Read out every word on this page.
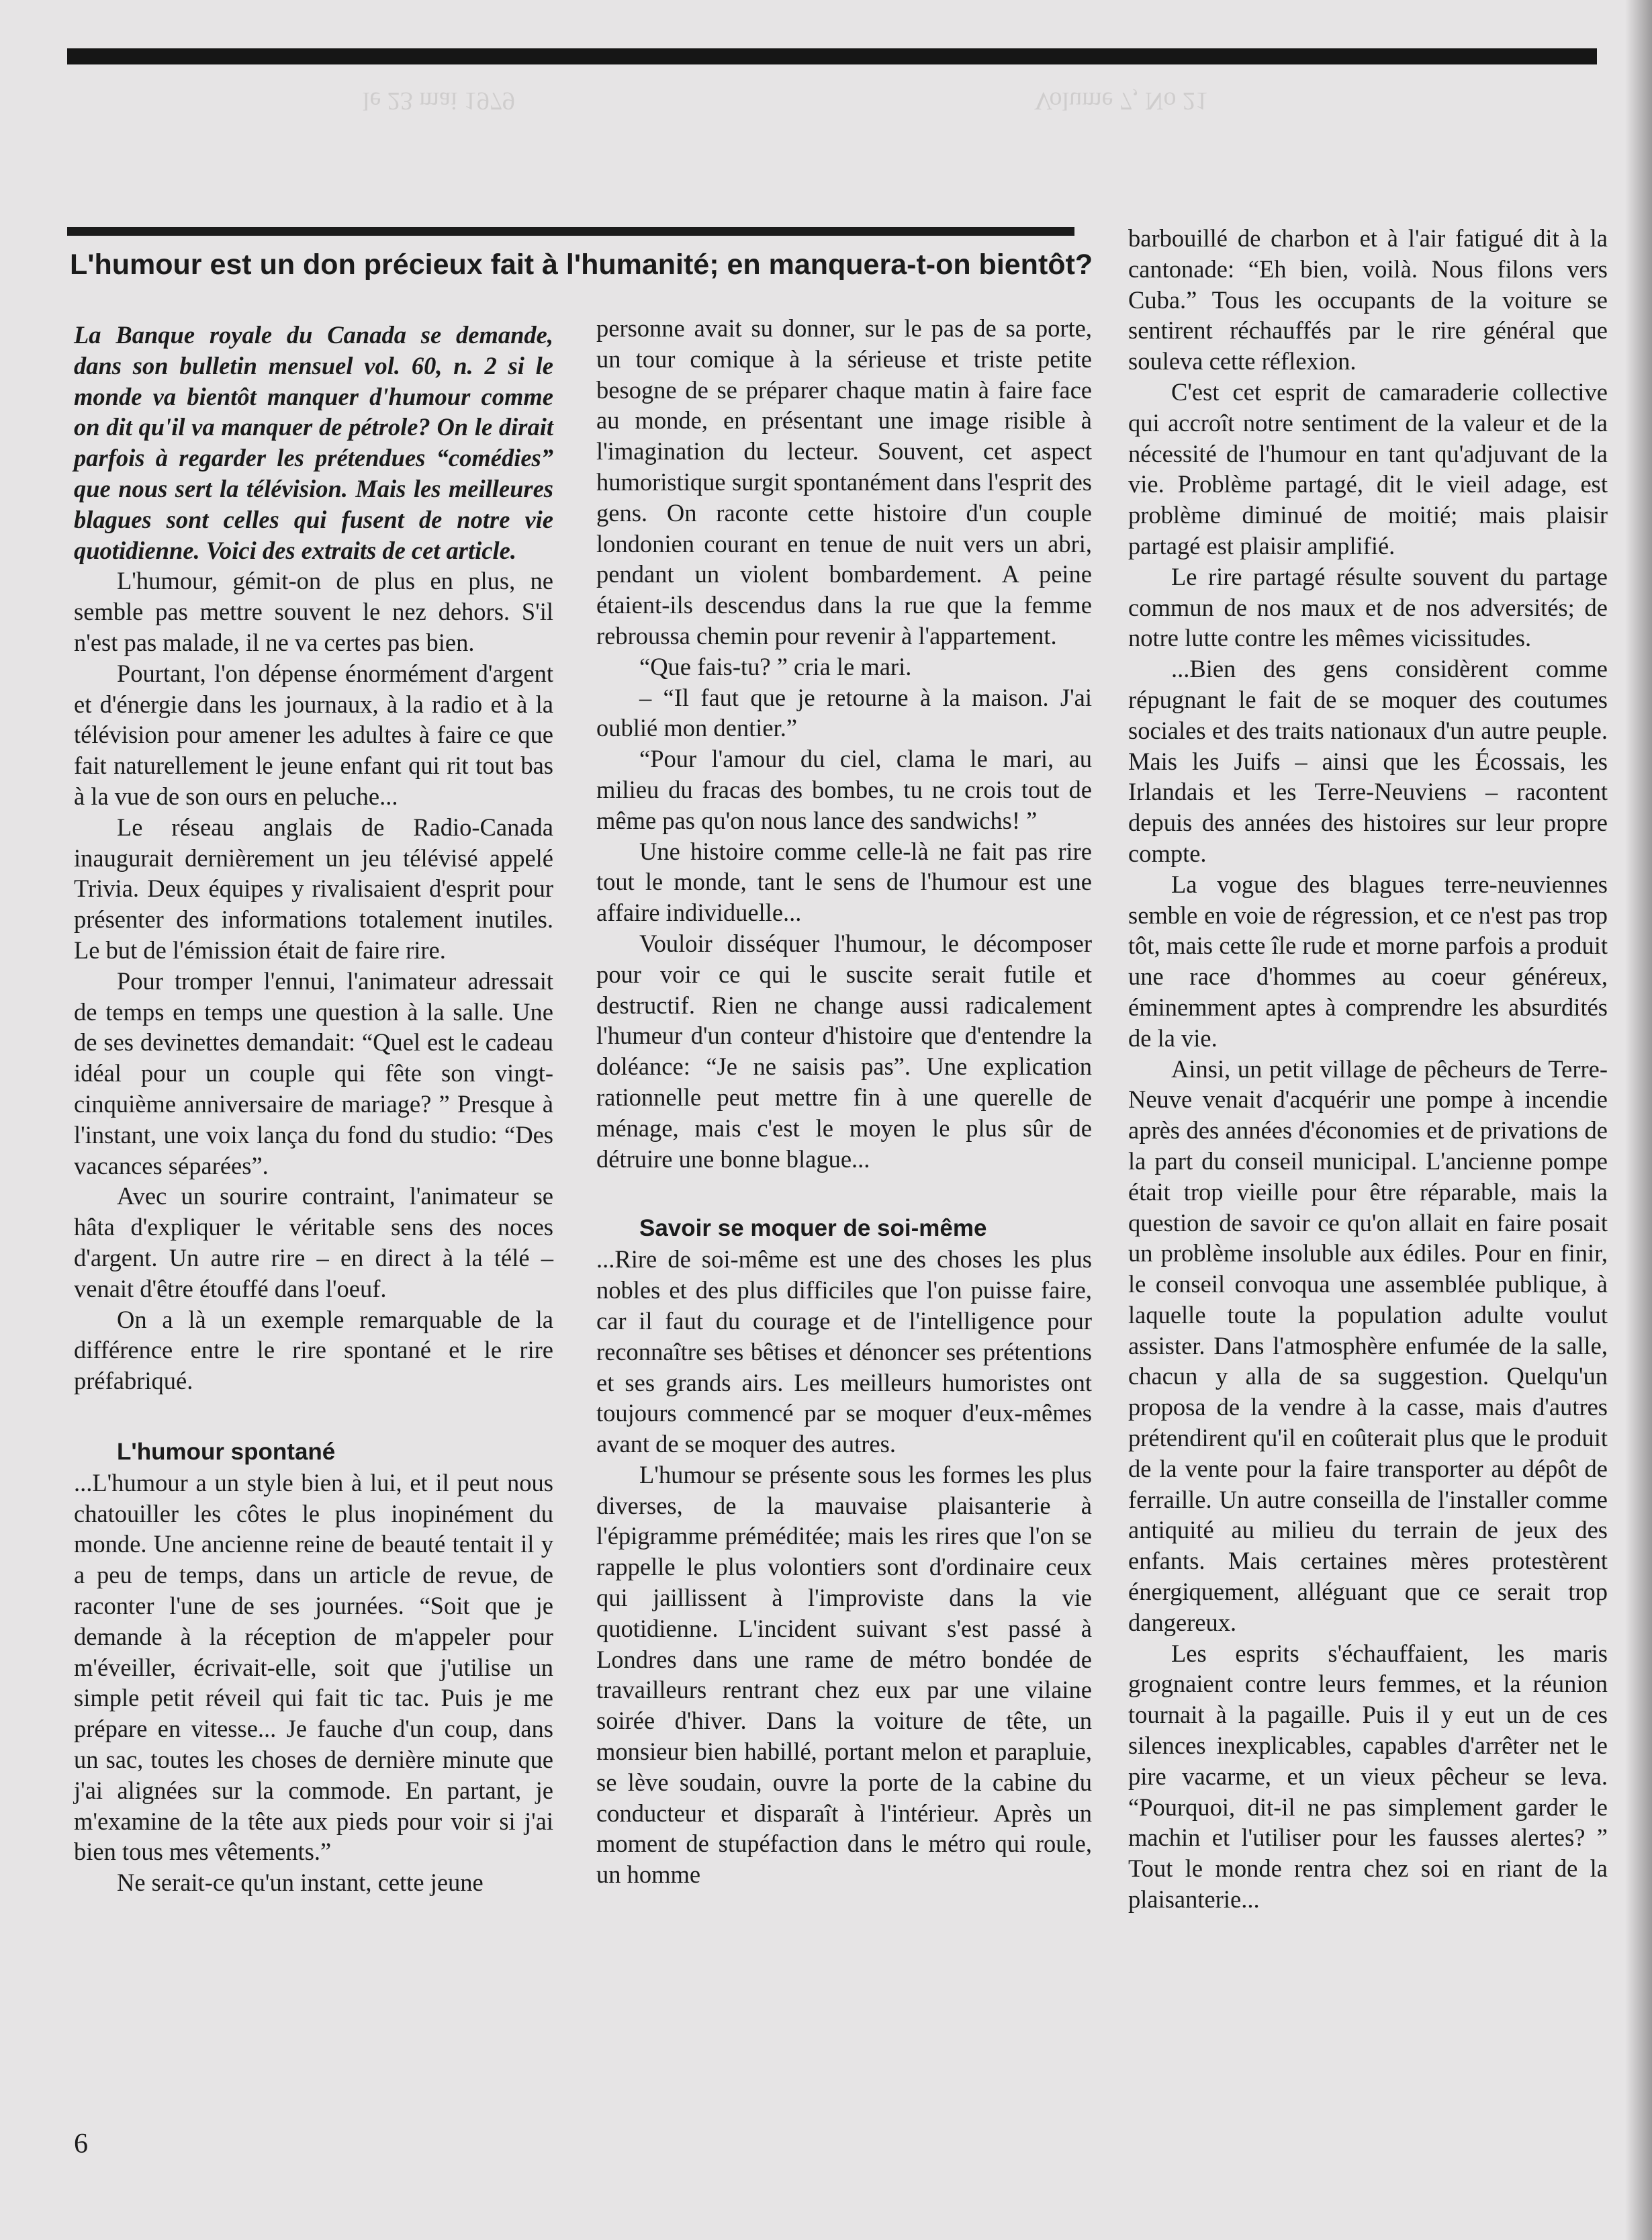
Volume 7, No 21
le 23 mai 1979
L'humour est un don précieux fait à l'humanité; en manquera-t-on bientôt?

La Banque royale du Canada se demande, dans son bulletin mensuel vol. 60, n. 2 si le monde va bientôt manquer d'humour comme on dit qu'il va manquer de pétrole? On le dirait parfois à regarder les prétendues “comédies” que nous sert la télévision. Mais les meilleures blagues sont celles qui fusent de notre vie quotidienne. Voici des extraits de cet article.

L'humour, gémit-on de plus en plus, ne semble pas mettre souvent le nez dehors. S'il n'est pas malade, il ne va certes pas bien.

Pourtant, l'on dépense énormément d'argent et d'énergie dans les journaux, à la radio et à la télévision pour amener les adultes à faire ce que fait naturellement le jeune enfant qui rit tout bas à la vue de son ours en peluche...

Le réseau anglais de Radio-Canada inaugurait dernièrement un jeu télévisé appelé Trivia. Deux équipes y rivalisaient d'esprit pour présenter des informations totalement inutiles. Le but de l'émission était de faire rire.

Pour tromper l'ennui, l'animateur adressait de temps en temps une question à la salle. Une de ses devinettes demandait: “Quel est le cadeau idéal pour un couple qui fête son vingt-cinquième anniversaire de mariage? ” Presque à l'instant, une voix lança du fond du studio: “Des vacances séparées”.

Avec un sourire contraint, l'animateur se hâta d'expliquer le véritable sens des noces d'argent. Un autre rire – en direct à la télé – venait d'être étouffé dans l'oeuf.

On a là un exemple remarquable de la différence entre le rire spontané et le rire préfabriqué.

L'humour spontané

...L'humour a un style bien à lui, et il peut nous chatouiller les côtes le plus inopinément du monde. Une ancienne reine de beauté tentait il y a peu de temps, dans un article de revue, de raconter l'une de ses journées. “Soit que je demande à la réception de m'appeler pour m'éveiller, écrivait-elle, soit que j'utilise un simple petit réveil qui fait tic tac. Puis je me prépare en vitesse... Je fauche d'un coup, dans un sac, toutes les choses de dernière minute que j'ai alignées sur la commode. En partant, je m'examine de la tête aux pieds pour voir si j'ai bien tous mes vêtements.”

Ne serait-ce qu'un instant, cette jeune

personne avait su donner, sur le pas de sa porte, un tour comique à la sérieuse et triste petite besogne de se préparer chaque matin à faire face au monde, en présentant une image risible à l'imagination du lecteur. Souvent, cet aspect humoristique surgit spontanément dans l'esprit des gens. On raconte cette histoire d'un couple londonien courant en tenue de nuit vers un abri, pendant un violent bombardement. A peine étaient-ils descendus dans la rue que la femme rebroussa chemin pour revenir à l'appartement.

“Que fais-tu? ” cria le mari.

– “Il faut que je retourne à la maison. J'ai oublié mon dentier.”

“Pour l'amour du ciel, clama le mari, au milieu du fracas des bombes, tu ne crois tout de même pas qu'on nous lance des sandwichs! ”

Une histoire comme celle-là ne fait pas rire tout le monde, tant le sens de l'humour est une affaire individuelle...

Vouloir disséquer l'humour, le décomposer pour voir ce qui le suscite serait futile et destructif. Rien ne change aussi radicalement l'humeur d'un conteur d'histoire que d'entendre la doléance: “Je ne saisis pas”. Une explication rationnelle peut mettre fin à une querelle de ménage, mais c'est le moyen le plus sûr de détruire une bonne blague...

Savoir se moquer de soi-même

...Rire de soi-même est une des choses les plus nobles et des plus difficiles que l'on puisse faire, car il faut du courage et de l'intelligence pour reconnaître ses bêtises et dénoncer ses prétentions et ses grands airs. Les meilleurs humoristes ont toujours commencé par se moquer d'eux-mêmes avant de se moquer des autres.

L'humour se présente sous les formes les plus diverses, de la mauvaise plaisanterie à l'épigramme préméditée; mais les rires que l'on se rappelle le plus volontiers sont d'ordinaire ceux qui jaillissent à l'improviste dans la vie quotidienne. L'incident suivant s'est passé à Londres dans une rame de métro bondée de travailleurs rentrant chez eux par une vilaine soirée d'hiver. Dans la voiture de tête, un monsieur bien habillé, portant melon et parapluie, se lève soudain, ouvre la porte de la cabine du conducteur et disparaît à l'intérieur. Après un moment de stupéfaction dans le métro qui roule, un homme

barbouillé de charbon et à l'air fatigué dit à la cantonade: “Eh bien, voilà. Nous filons vers Cuba.” Tous les occupants de la voiture se sentirent réchauffés par le rire général que souleva cette réflexion.

C'est cet esprit de camaraderie collective qui accroît notre sentiment de la valeur et de la nécessité de l'humour en tant qu'adjuvant de la vie. Problème partagé, dit le vieil adage, est problème diminué de moitié; mais plaisir partagé est plaisir amplifié.

Le rire partagé résulte souvent du partage commun de nos maux et de nos adversités; de notre lutte contre les mêmes vicissitudes.

...Bien des gens considèrent comme répugnant le fait de se moquer des coutumes sociales et des traits nationaux d'un autre peuple. Mais les Juifs – ainsi que les Écossais, les Irlandais et les Terre-Neuviens – racontent depuis des années des histoires sur leur propre compte.

La vogue des blagues terre-neuviennes semble en voie de régression, et ce n'est pas trop tôt, mais cette île rude et morne parfois a produit une race d'hommes au coeur généreux, éminemment aptes à comprendre les absurdités de la vie.

Ainsi, un petit village de pêcheurs de Terre-Neuve venait d'acquérir une pompe à incendie après des années d'économies et de privations de la part du conseil municipal. L'ancienne pompe était trop vieille pour être réparable, mais la question de savoir ce qu'on allait en faire posait un problème insoluble aux édiles. Pour en finir, le conseil convoqua une assemblée publique, à laquelle toute la population adulte voulut assister. Dans l'atmosphère enfumée de la salle, chacun y alla de sa suggestion. Quelqu'un proposa de la vendre à la casse, mais d'autres prétendirent qu'il en coûterait plus que le produit de la vente pour la faire transporter au dépôt de ferraille. Un autre conseilla de l'installer comme antiquité au milieu du terrain de jeux des enfants. Mais certaines mères protestèrent énergiquement, alléguant que ce serait trop dangereux.

Les esprits s'échauffaient, les maris grognaient contre leurs femmes, et la réunion tournait à la pagaille. Puis il y eut un de ces silences inexplicables, capables d'arrêter net le pire vacarme, et un vieux pêcheur se leva. “Pourquoi, dit-il ne pas simplement garder le machin et l'utiliser pour les fausses alertes? ” Tout le monde rentra chez soi en riant de la plaisanterie...

6
